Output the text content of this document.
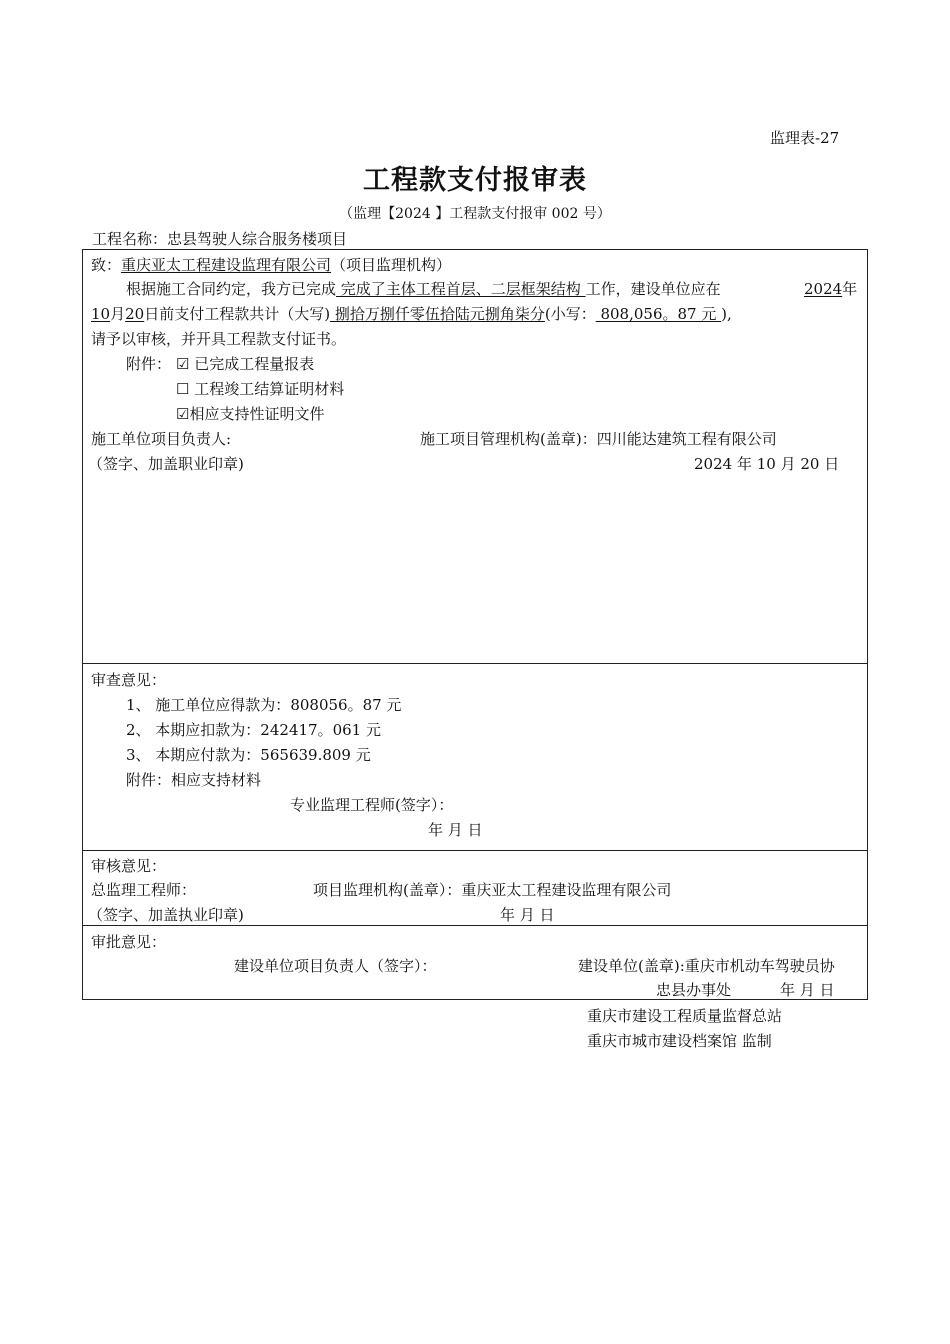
监理表-27
工程款支付报审表
（监理【2024 】工程款支付报审 002 号）
工程名称：忠县驾驶人综合服务楼项目
致：重庆亚太工程建设监理有限公司（项目监理机构）
根据施工合同约定，我方已完成 完成了主体工程首层、二层框架结构 工作，建设单位应在	2024年
10月20日前支付工程款共计（大写) 捌拾万捌仟零伍拾陆元捌角柒分(小写： 808,056。87 元 ),
请予以审核，并开具工程款支付证书。
附件： ☑ 已完成工程量报表
☐ 工程竣工结算证明材料
☑相应支持性证明文件
施工单位项目负责人:	施工项目管理机构(盖章)：四川能达建筑工程有限公司
（签字、加盖职业印章)	2024 年 10 月 20 日
审查意见：
1、 施工单位应得款为：808056。87 元
2、 本期应扣款为：242417。061 元
3、 本期应付款为：565639.809 元
附件：相应支持材料
专业监理工程师(签字）：
年 月 日
审核意见：
总监理工程师：	项目监理机构(盖章）：重庆亚太工程建设监理有限公司
（签字、加盖执业印章)	年 月 日
审批意见：
建设单位项目负责人（签字）：	建设单位(盖章):重庆市机动车驾驶员协
忠县办事处	年 月 日
重庆市建设工程质量监督总站
重庆市城市建设档案馆 监制
